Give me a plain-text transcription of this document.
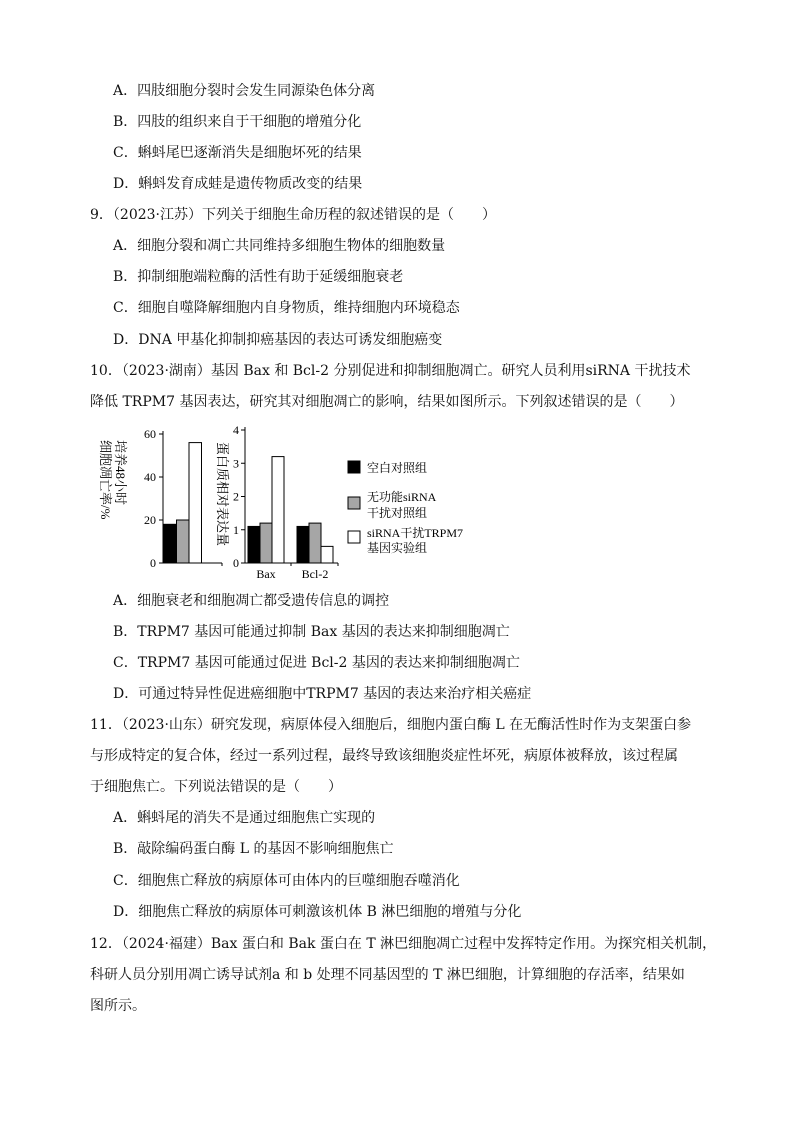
A．四肢细胞分裂时会发生同源染色体分离
B．四肢的组织来自于干细胞的增殖分化
C．蝌蚪尾巴逐渐消失是细胞坏死的结果
D．蝌蚪发育成蛙是遗传物质改变的结果
9．（2023·江苏）下列关于细胞生命历程的叙述错误的是（　　）
A．细胞分裂和凋亡共同维持多细胞生物体的细胞数量
B．抑制细胞端粒酶的活性有助于延缓细胞衰老
C．细胞自噬降解细胞内自身物质，维持细胞内环境稳态
D．DNA 甲基化抑制抑癌基因的表达可诱发细胞癌变
10．（2023·湖南）基因 Bax 和 Bcl-2 分别促进和抑制细胞凋亡。研究人员利用siRNA 干扰技术
降低 TRPM7 基因表达，研究其对细胞凋亡的影响，结果如图所示。下列叙述错误的是（　　）
培养48小时
细胞凋亡率/%
0
20
40
60
蛋白质相对表达量
0
1
2
3
4
Bax Bcl-2
空白对照组
无功能siRNA
干扰对照组
siRNA干扰TRPM7
基因实验组
A．细胞衰老和细胞凋亡都受遗传信息的调控
B．TRPM7 基因可能通过抑制 Bax 基因的表达来抑制细胞凋亡
C．TRPM7 基因可能通过促进 Bcl-2 基因的表达来抑制细胞凋亡
D．可通过特异性促进癌细胞中TRPM7 基因的表达来治疗相关癌症
11．（2023·山东）研究发现，病原体侵入细胞后，细胞内蛋白酶 L 在无酶活性时作为支架蛋白参
与形成特定的复合体，经过一系列过程，最终导致该细胞炎症性坏死，病原体被释放，该过程属
于细胞焦亡。下列说法错误的是（　　）
A．蝌蚪尾的消失不是通过细胞焦亡实现的
B．敲除编码蛋白酶 L 的基因不影响细胞焦亡
C．细胞焦亡释放的病原体可由体内的巨噬细胞吞噬消化
D．细胞焦亡释放的病原体可刺激该机体 B 淋巴细胞的增殖与分化
12．（2024·福建）Bax 蛋白和 Bak 蛋白在 T 淋巴细胞凋亡过程中发挥特定作用。为探究相关机制，
科研人员分别用凋亡诱导试剂a 和 b 处理不同基因型的 T 淋巴细胞，计算细胞的存活率，结果如
图所示。
